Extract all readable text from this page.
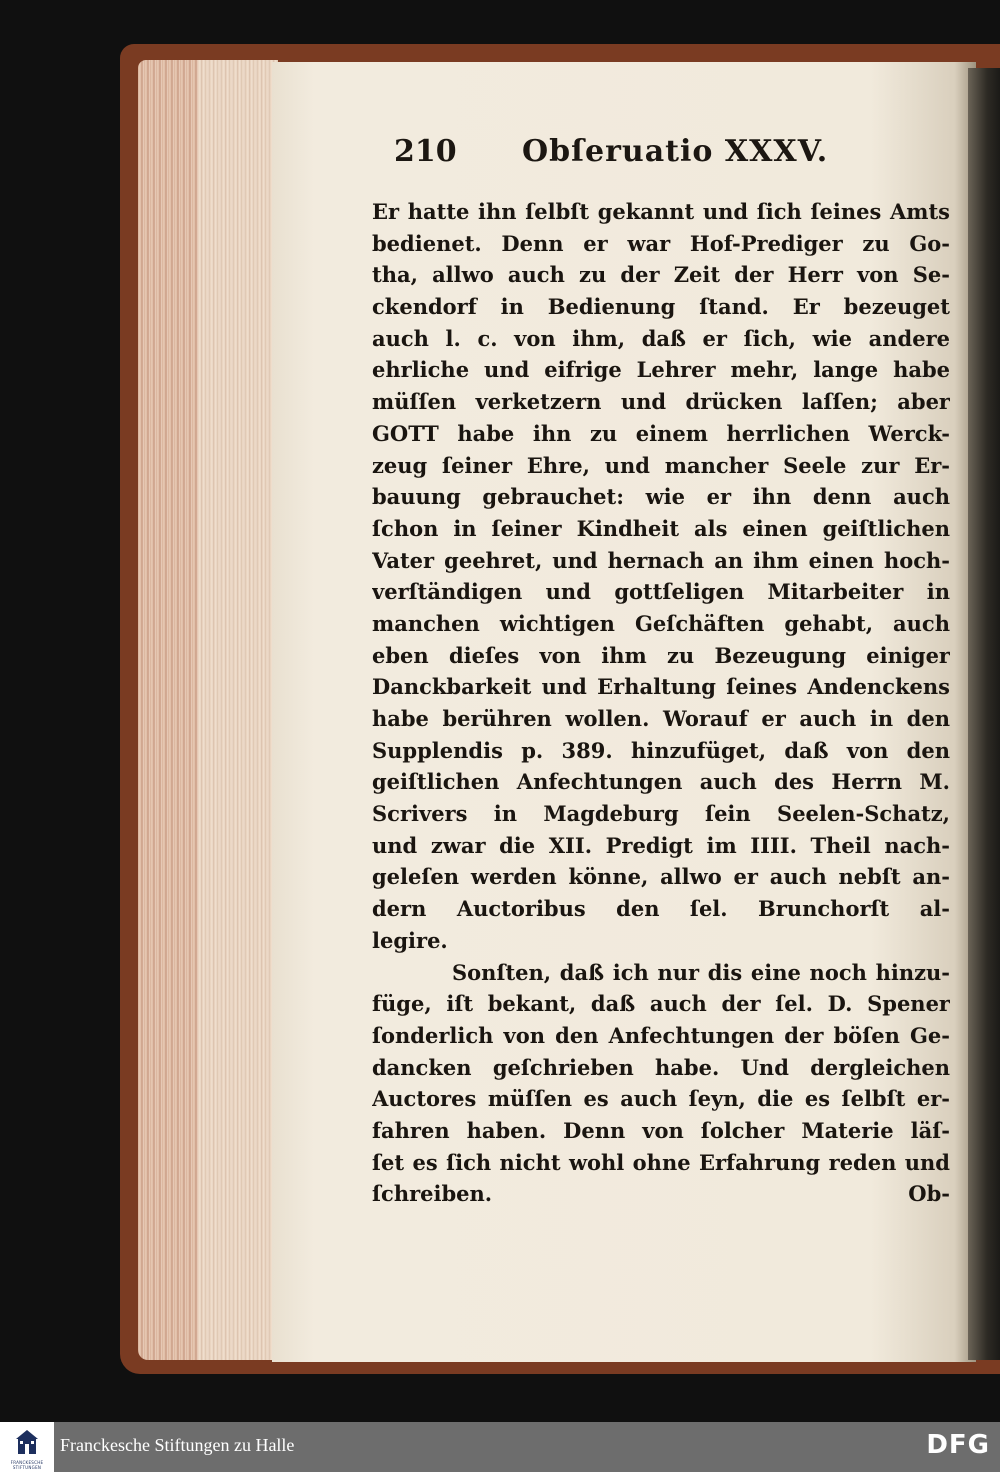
210 Obſeruatio XXXV.
Er hatte ihn ſelbſt gekannt und ſich ſeines Amts
bedienet. Denn er war Hof-Prediger zu Go-
tha, allwo auch zu der Zeit der Herr von Se-
ckendorf in Bedienung ſtand. Er bezeuget
auch l. c. von ihm, daß er ſich, wie andere
ehrliche und eifrige Lehrer mehr, lange habe
müſſen verketzern und drücken laſſen; aber
GOTT habe ihn zu einem herrlichen Werck-
zeug ſeiner Ehre, und mancher Seele zur Er-
bauung gebrauchet: wie er ihn denn auch
ſchon in ſeiner Kindheit als einen geiſtlichen
Vater geehret, und hernach an ihm einen hoch-
verſtändigen und gottſeligen Mitarbeiter in
manchen wichtigen Geſchäften gehabt, auch
eben dieſes von ihm zu Bezeugung einiger
Danckbarkeit und Erhaltung ſeines Andenckens
habe berühren wollen. Worauf er auch in den
Supplendis p. 389. hinzufüget, daß von den
geiſtlichen Anfechtungen auch des Herrn M.
Scrivers in Magdeburg ſein Seelen-Schatz,
und zwar die XII. Predigt im IIII. Theil nach-
geleſen werden könne, allwo er auch nebſt an-
dern Auctoribus den ſel. Brunchorſt al-
legire.
Sonſten, daß ich nur dis eine noch hinzu-
füge, iſt bekant, daß auch der ſel. D. Spener
ſonderlich von den Anfechtungen der böſen Ge-
dancken geſchrieben habe. Und dergleichen
Auctores müſſen es auch ſeyn, die es ſelbſt er-
fahren haben. Denn von ſolcher Materie läſ-
ſet es ſich nicht wohl ohne Erfahrung reden und
ſchreiben. Ob-
FRANCKESCHE STIFTUNGEN
Franckesche Stiftungen zu Halle	DFG
